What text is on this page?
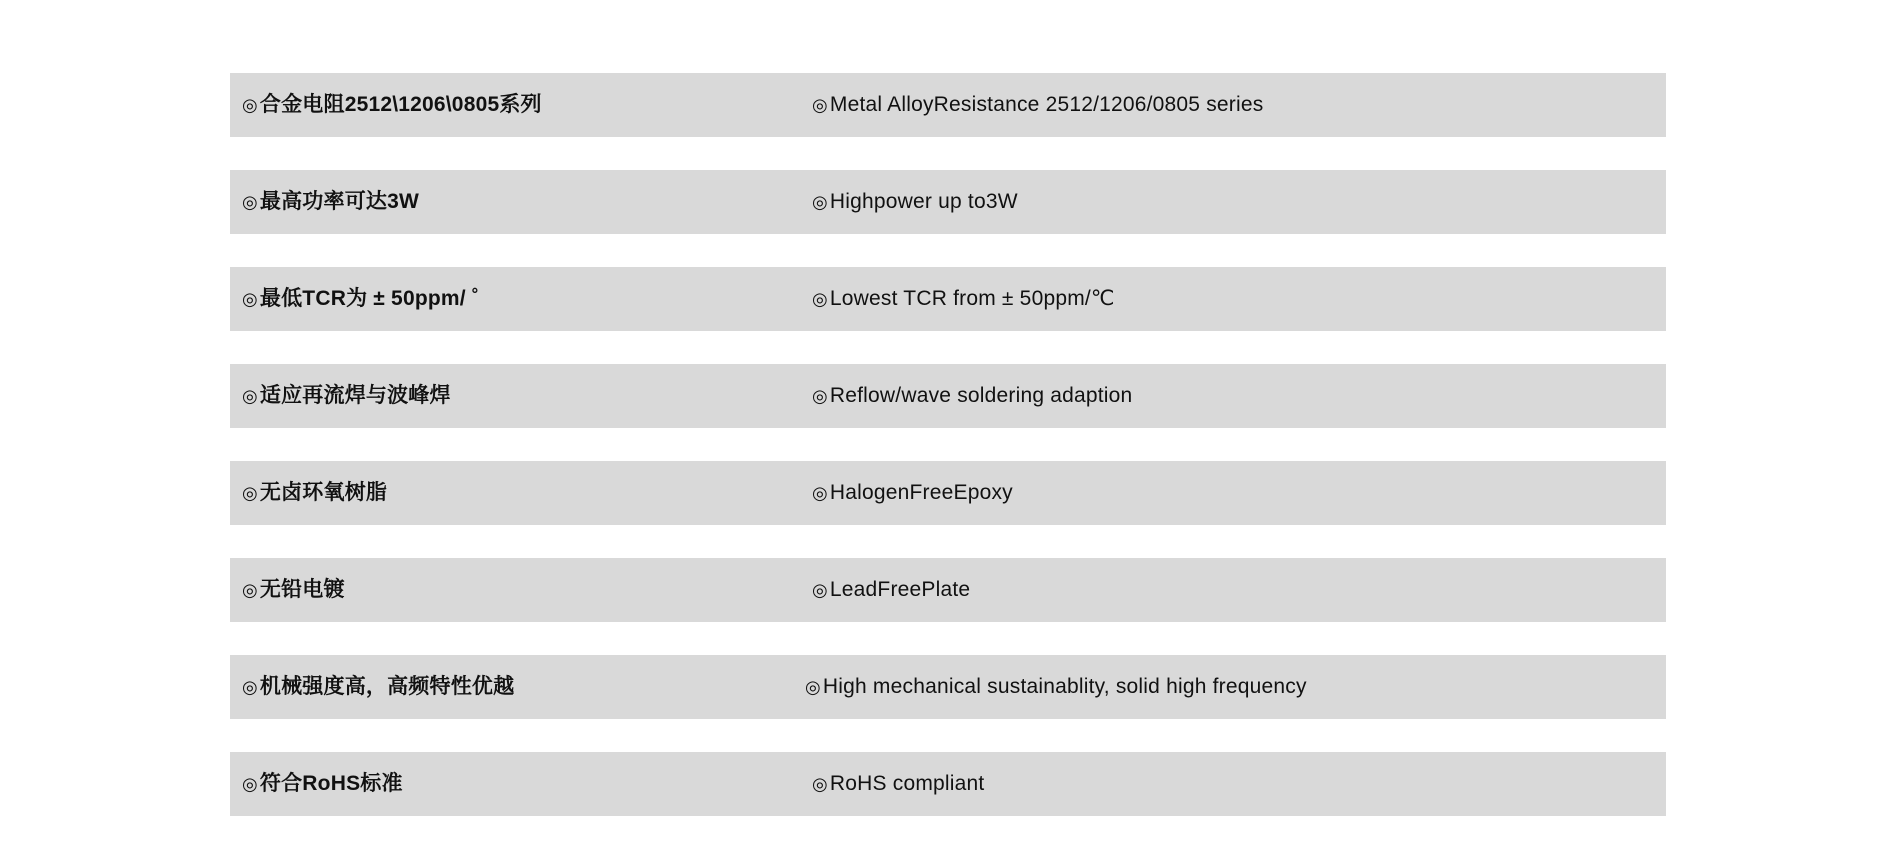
◎合金电阻2512\1206\0805系列	◎Metal AlloyResistance 2512/1206/0805 series
◎最高功率可达3W	◎Highpower up to3W
◎最低TCR为 ± 50ppm/ ˚	◎Lowest TCR from ± 50ppm/℃
◎适应再流焊与波峰焊	◎Reflow/wave soldering adaption
◎无卤环氧树脂	◎HalogenFreeEpoxy
◎无铅电镀	◎LeadFreePlate
◎机械强度高，高频特性优越	◎High mechanical sustainablity, solid high frequency
◎符合RoHS标准	◎RoHS compliant
